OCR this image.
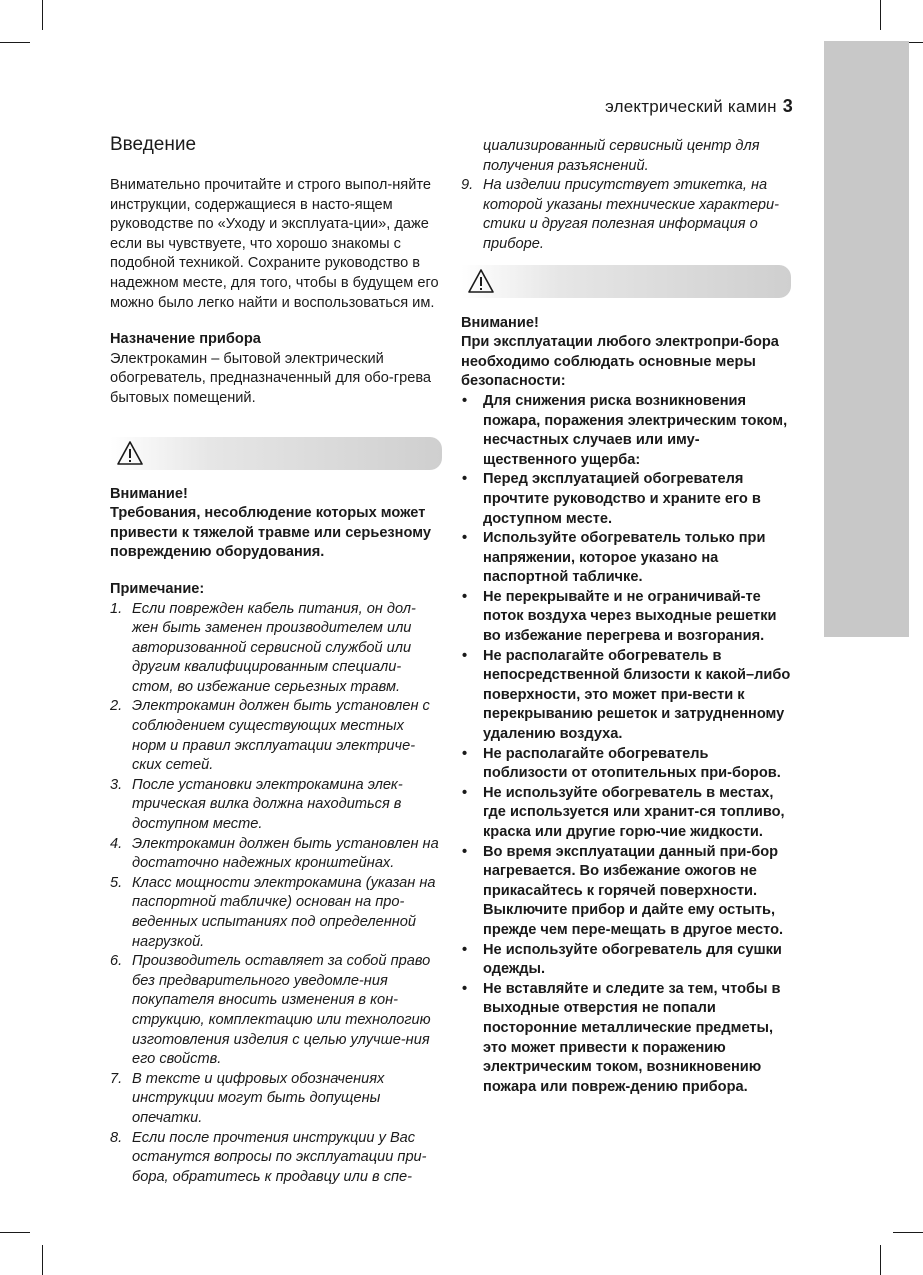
электрический камин 3
Введение

Внимательно прочитайте и строго выпол-няйте инструкции, содержащиеся в насто-ящем руководстве по «Уходу и эксплуата-ции», даже если вы чувствуете, что хорошо знакомы с подобной техникой. Сохраните руководство в надежном месте, для того, чтобы в будущем его можно было легко найти и воспользоваться им.

Назначение прибора

Электрокамин – бытовой электрический обогреватель, предназначенный для обо-грева бытовых помещений.

Внимание!

Требования, несоблюдение которых может привести к тяжелой травме или серьезному повреждению оборудования.

Примечание:

1. Если поврежден кабель питания, он дол-жен быть заменен производителем или авторизованной сервисной службой или другим квалифицированным специали-стом, во избежание серьезных травм.
2. Электрокамин должен быть установлен с соблюдением существующих местных норм и правил эксплуатации электриче-ских сетей.
3. После установки электрокамина элек-трическая вилка должна находиться в доступном месте.
4. Электрокамин должен быть установлен на достаточно надежных кронштейнах.
5. Класс мощности электрокамина (указан на паспортной табличке) основан на про-веденных испытаниях под определенной нагрузкой.
6. Производитель оставляет за собой право без предварительного уведомле-ния покупателя вносить изменения в кон-струкцию, комплектацию или технологию изготовления изделия с целью улучше-ния его свойств.
7. В тексте и цифровых обозначениях инструкции могут быть допущены опечатки.
8. Если после прочтения инструкции у Вас останутся вопросы по эксплуатации при-бора, обратитесь к продавцу или в спе-

циализированный сервисный центр для получения разъяснений.

9. На изделии присутствует этикетка, на которой указаны технические характери-стики и другая полезная информация о приборе.

Внимание!

При эксплуатации любого электропри-бора необходимо соблюдать основные меры безопасности:

• Для снижения риска возникновения пожара, поражения электрическим током, несчастных случаев или иму-щественного ущерба:
• Перед эксплуатацией обогревателя прочтите руководство и храните его в доступном месте.
• Используйте обогреватель только при напряжении, которое указано на паспортной табличке.
• Не перекрывайте и не ограничивай-те поток воздуха через выходные решетки во избежание перегрева и возгорания.
• Не располагайте обогреватель в непосредственной близости к какой–либо поверхности, это может при-вести к перекрыванию решеток и затрудненному удалению воздуха.
• Не располагайте обогреватель поблизости от отопительных при-боров.
• Не используйте обогреватель в местах, где используется или хранит-ся топливо, краска или другие горю-чие жидкости.
• Во время эксплуатации данный при-бор нагревается. Во избежание ожогов не прикасайтесь к горячей поверхности. Выключите прибор и дайте ему остыть, прежде чем пере-мещать в другое место.
• Не используйте обогреватель для сушки одежды.
• Не вставляйте и следите за тем, чтобы в выходные отверстия не попали посторонние металлические предметы, это может привести к поражению электрическим током, возникновению пожара или повреж-дению прибора.
